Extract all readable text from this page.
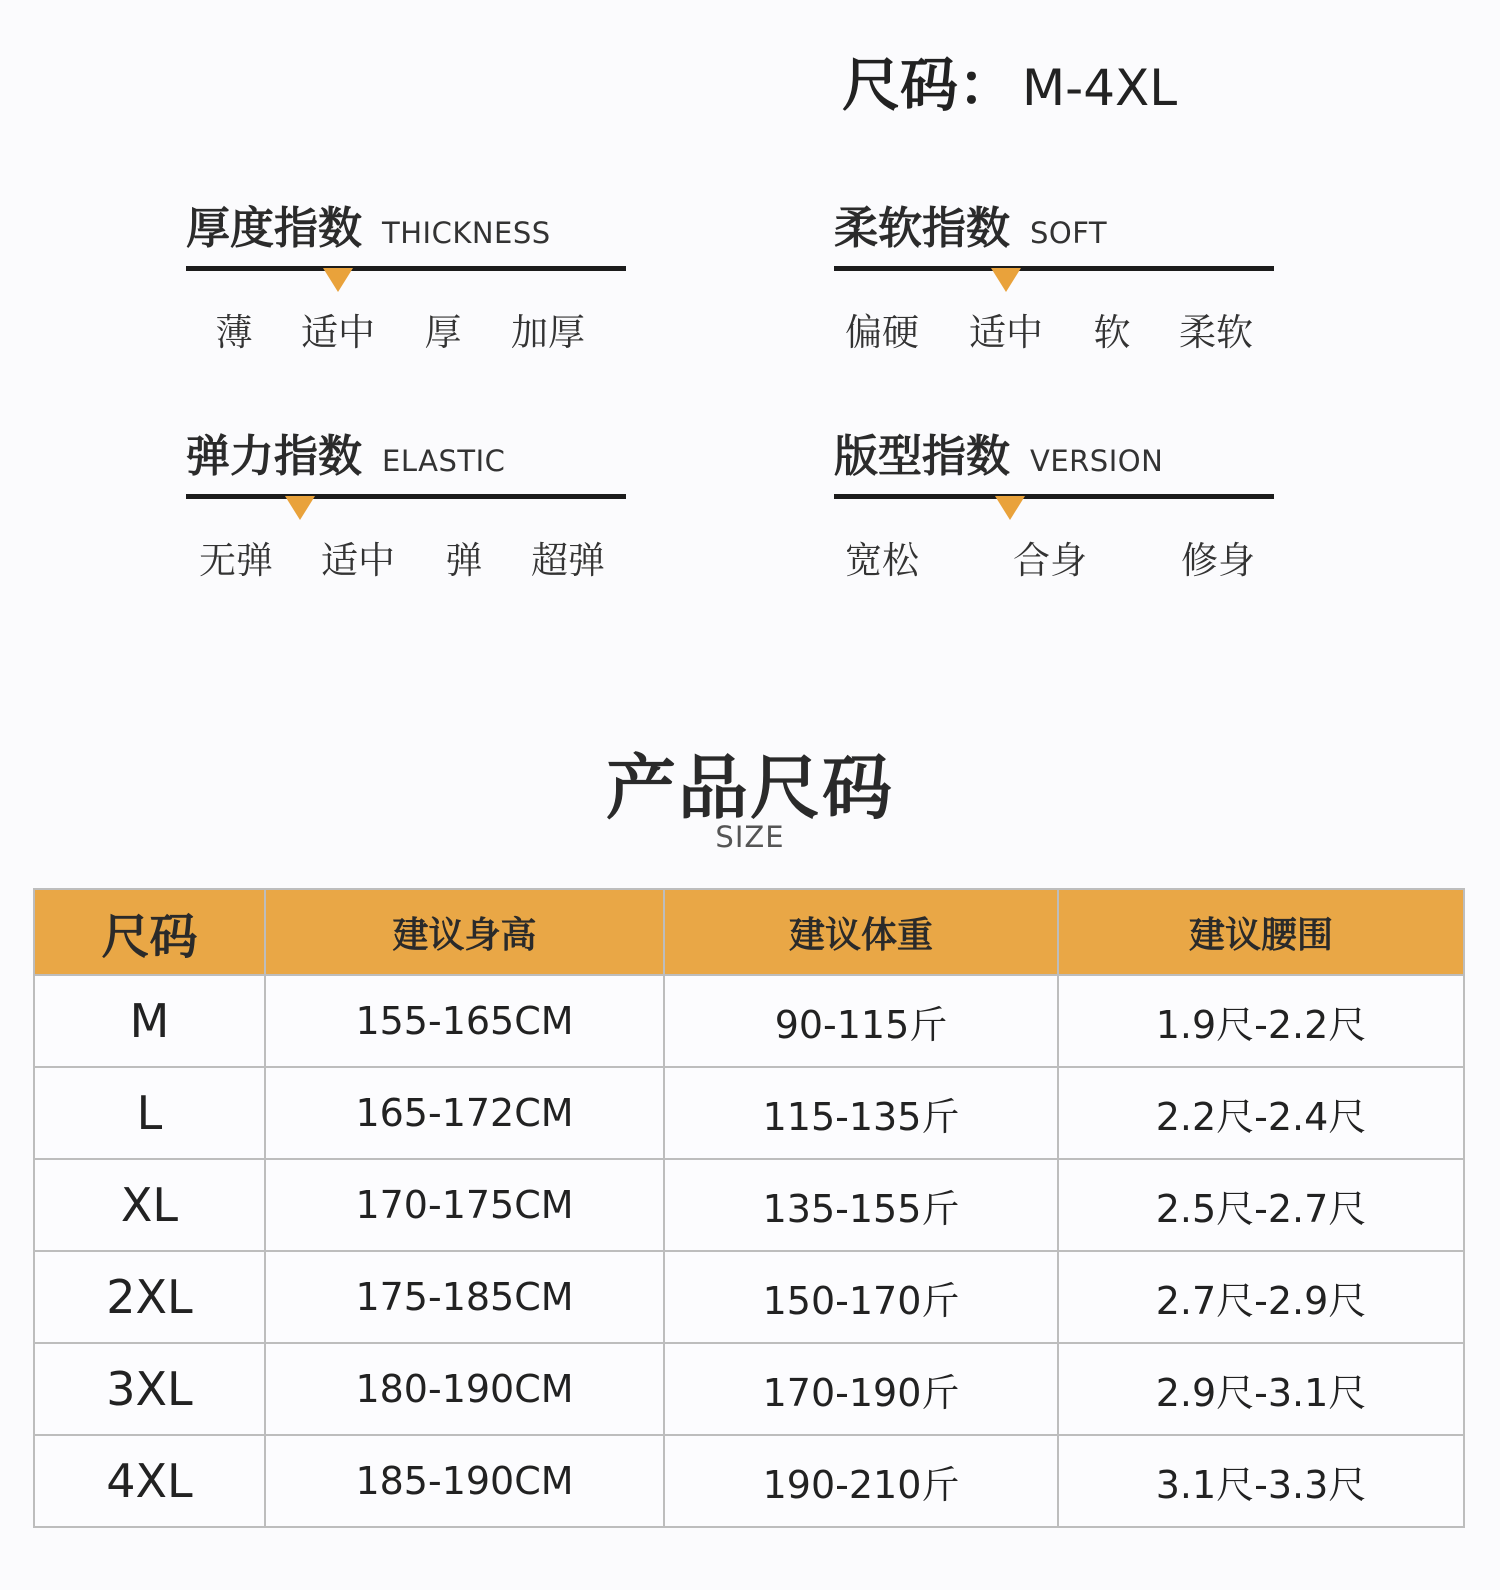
尺码： M-4XL
厚度指数 THICKNESS
薄 适中 厚 加厚
柔软指数 SOFT
偏硬 适中 软 柔软
弹力指数 ELASTIC
无弹 适中 弹 超弹
版型指数 VERSION
宽松	合身	修身
产品尺码
SIZE
尺码	建议身高	建议体重	建议腰围
M	155-165CM	90-115斤	1.9尺-2.2尺
L	165-172CM	115-135斤	2.2尺-2.4尺
XL	170-175CM	135-155斤	2.5尺-2.7尺
2XL	175-185CM	150-170斤	2.7尺-2.9尺
3XL	180-190CM	170-190斤	2.9尺-3.1尺
4XL	185-190CM	190-210斤	3.1尺-3.3尺
